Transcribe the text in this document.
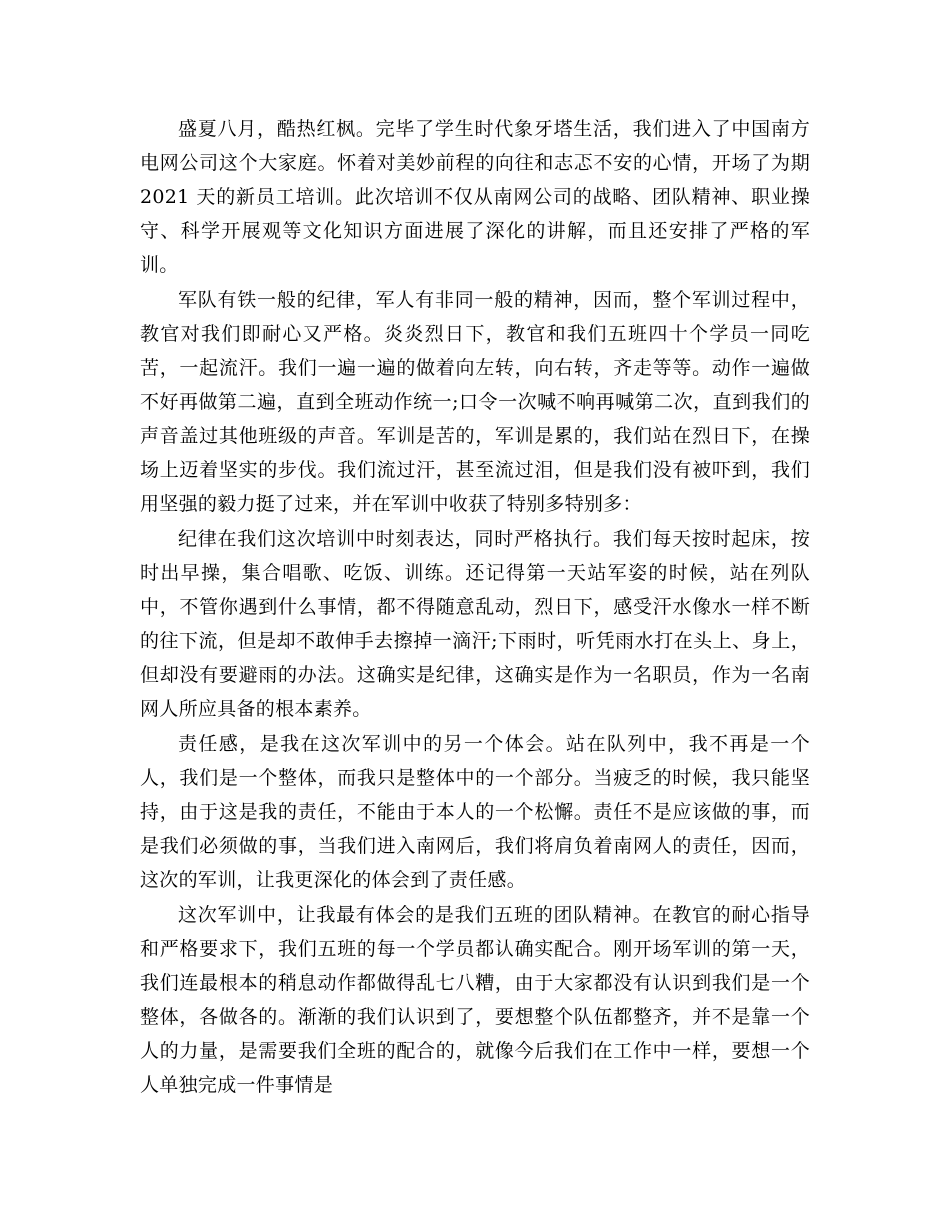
盛夏八月，酷热红枫。完毕了学生时代象牙塔生活，我们进入了中国南方电网公司这个大家庭。怀着对美妙前程的向往和志忑不安的心情，开场了为期 2021 天的新员工培训。此次培训不仅从南网公司的战略、团队精神、职业操守、科学开展观等文化知识方面进展了深化的讲解，而且还安排了严格的军训。

军队有铁一般的纪律，军人有非同一般的精神，因而，整个军训过程中，教官对我们即耐心又严格。炎炎烈日下，教官和我们五班四十个学员一同吃苦，一起流汗。我们一遍一遍的做着向左转，向右转，齐走等等。动作一遍做不好再做第二遍，直到全班动作统一;口令一次喊不响再喊第二次，直到我们的声音盖过其他班级的声音。军训是苦的，军训是累的，我们站在烈日下，在操场上迈着坚实的步伐。我们流过汗，甚至流过泪，但是我们没有被吓到，我们用坚强的毅力挺了过来，并在军训中收获了特别多特别多：

纪律在我们这次培训中时刻表达，同时严格执行。我们每天按时起床，按时出早操，集合唱歌、吃饭、训练。还记得第一天站军姿的时候，站在列队中，不管你遇到什么事情，都不得随意乱动，烈日下，感受汗水像水一样不断的往下流，但是却不敢伸手去擦掉一滴汗;下雨时，听凭雨水打在头上、身上，但却没有要避雨的办法。这确实是纪律，这确实是作为一名职员，作为一名南网人所应具备的根本素养。

责任感，是我在这次军训中的另一个体会。站在队列中，我不再是一个人，我们是一个整体，而我只是整体中的一个部分。当疲乏的时候，我只能坚持，由于这是我的责任，不能由于本人的一个松懈。责任不是应该做的事，而是我们必须做的事，当我们进入南网后，我们将肩负着南网人的责任，因而，这次的军训，让我更深化的体会到了责任感。

这次军训中，让我最有体会的是我们五班的团队精神。在教官的耐心指导和严格要求下，我们五班的每一个学员都认确实配合。刚开场军训的第一天，我们连最根本的稍息动作都做得乱七八糟，由于大家都没有认识到我们是一个整体，各做各的。渐渐的我们认识到了，要想整个队伍都整齐，并不是靠一个人的力量，是需要我们全班的配合的，就像今后我们在工作中一样，要想一个人单独完成一件事情是
